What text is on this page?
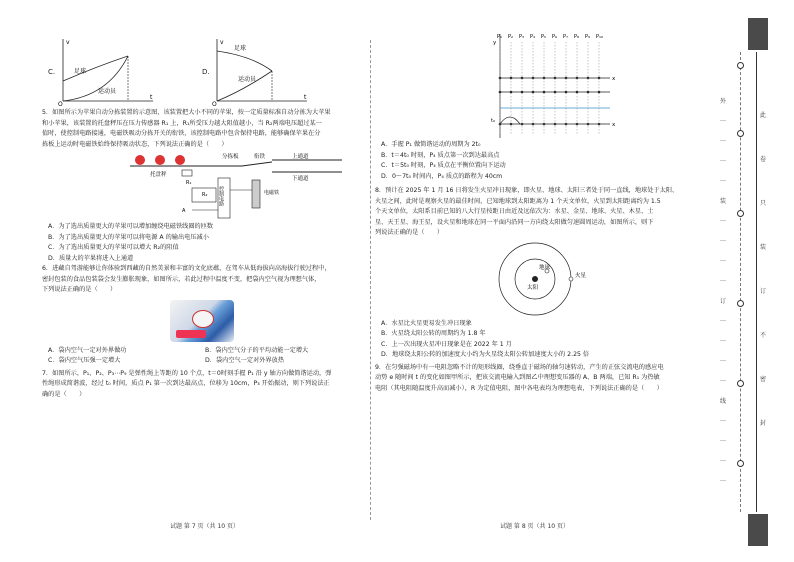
C.
v
t
O
足球
运动员
D.
v
t
O
足球
运动员

5．如图所示为苹果自动分拣装置的示意图，该装置把大小不同的苹果，按一定质量标准自动分拣为大苹果

和小苹果，该装置的托盘秤压在压力传感器 R₁ 上，R₁所受压力越大阻值越小，当 R₂两端电压超过某一

值时，使控制电路接通，电磁铁吸动分拣开关的衔铁，该控制电路中包含保持电路，能够确保苹果在分

拣板上运动时电磁铁始终保持吸动状态，下列说法正确的是（　　）

分拣板	衔铁	上通道
下通道
托盘秤
R₁
R₂
A
控制电路	电磁铁

A．为了选出质量更大的苹果可以增加缠绕电磁铁线圈的匝数

B．为了选出质量更大的苹果可以将电源 A 的输出电压减小

C．为了选出质量更大的苹果可以增大 R₂的阻值

D．质量大的苹果将进入上通道

6．进藏自驾游能够让你体验到西藏的自然美景和丰富的文化底蕴，在驾车从低海拔向高海拔行驶过程中，

密封包装的食品包装袋会发生膨胀现象，如图所示，若此过程中温度不变，把袋内空气视为理想气体，

下列说法正确的是（　　）

A．袋内空气一定对外界做功	B．袋内空气分子的平均动能一定增大
C．袋内空气压强一定增大	D．袋内空气一定对外界放热

7．如图所示，P₁、P₂、P₃⋯P₉ 是弹性绳上等距的 10 个点，t＝0时刻手握 P₁ 沿 y 轴方向做简谐运动，弹

性绳形成简谐波，经过 t₀ 时间，质点 P₁ 第一次到达最高点，位移为 10cm，P₃ 开始振动，则下列说法正

确的是（　　）

试题 第 7 页（共 10 页）
P₁ P₂ P₃ P₄ P₅ P₆ P₇ P₈ P₉ P₁₀
y
x
x
t₀

A．手握 P₁ 做简谐运动的周期为 2t₀

B．t＝4t₀ 时刻，P₄ 质点第一次到达最高点

C．t＝5t₀ 时刻，P₄ 质点在平衡位置向下运动

D．0～7t₀ 时间内，P₄ 质点的路程为 40cm

8．预计在 2025 年 1 月 16 日将发生火星冲日现象，即火星、地球、太阳三者处于同一直线，地球处于太阳、

火星之间，此时是观察火星的最佳时间，已知地球到太阳距离为 1 个天文单位，火星到太阳距离约为 1.5

个天文单位，太阳系目前已知的八大行星按距日由近及远依次为：水星、金星、地球、火星、木星、土

星、天王星、海王星，设火星和地球在同一平面内沿同一方向绕太阳做匀速圆周运动，如图所示，则下

列说法正确的是（　　）

地球
太阳
火星

A．水星比火星更易发生冲日现象

B．火星绕太阳公转的周期约为 1.8 年

C．上一次出现火星冲日现象是在 2022 年 1 月

D．地球绕太阳公转的加速度大小约为火星绕太阳公转加速度大小的 2.25 倍

9．在匀强磁场中有一电阻忽略不计的矩形线圈，绕垂直于磁场的轴匀速转动，产生的正弦交流电的感应电

动势 e 随时间 t 的变化如图甲所示，把该交流电输入到图乙中理想变压器的 A、B 两端，已知 R₁ 为热敏

电阻（其电阻随温度升高而减小），R 为定值电阻，图中各电表均为理想电表，下列说法正确的是（　　）

试题 第 8 页（共 10 页）
此
卷
只
装
订
不
密
封
外
…
…
…
…
装
…
…
…
…
订
…
…
…
…
线
…
…
…
…
